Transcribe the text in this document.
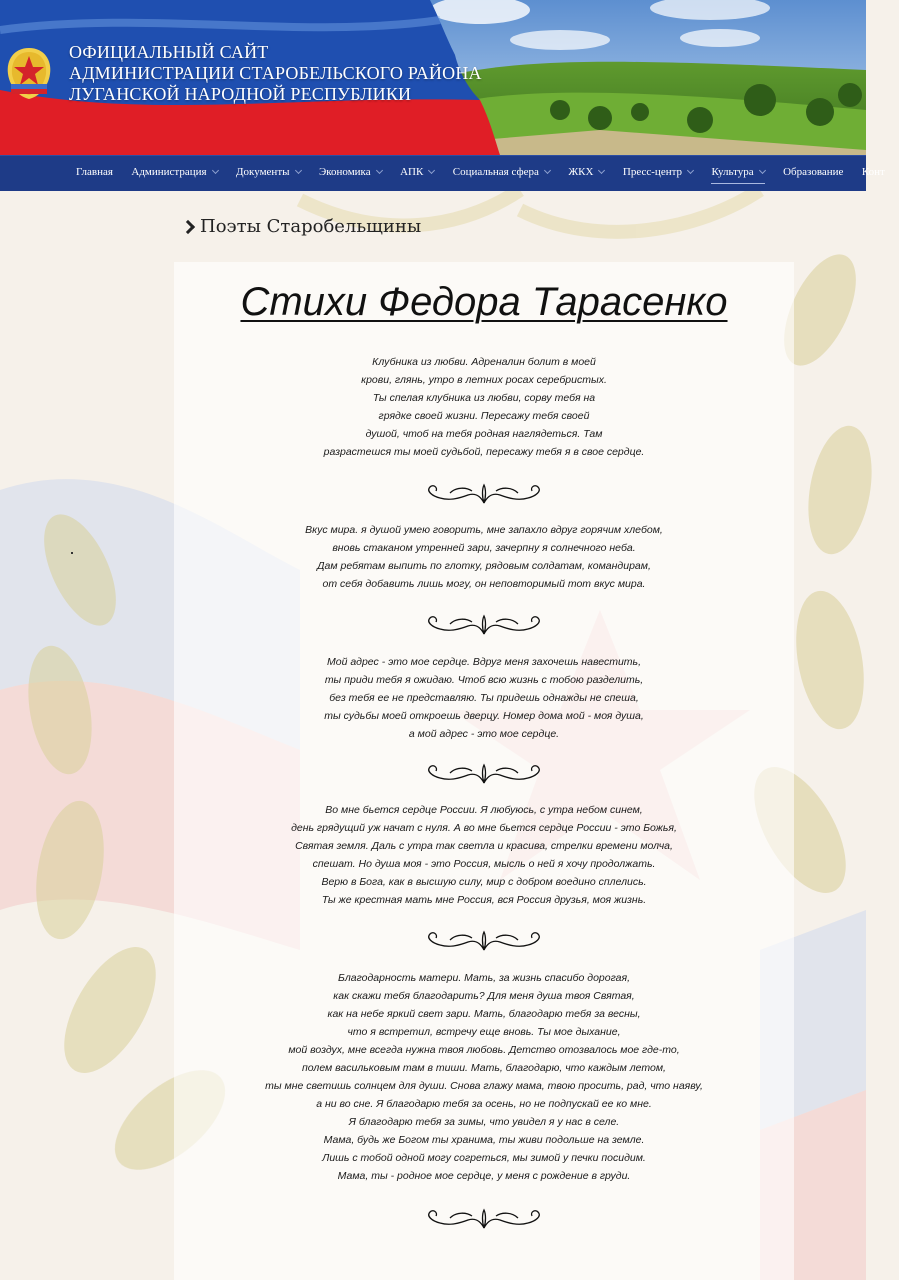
ОФИЦИАЛЬНЫЙ САЙТ
АДМИНИСТРАЦИИ СТАРОБЕЛЬСКОГО РАЙОНА
ЛУГАНСКОЙ НАРОДНОЙ РЕСПУБЛИКИ
Главная Администрация	Документы	Экономика	АПК	Социальная сфера	ЖКХ	Пресс-центр	Культура	Образование Конт
Поэты Старобельщины
Стихи Федора Тарасенко
Клубника из любви. Адреналин болит в моей
крови, глянь, утро в летних росах серебристых.
Ты спелая клубника из любви, сорву тебя на
грядке своей жизни. Пересажу тебя своей
душой, чтоб на тебя родная наглядеться. Там
разрастешся ты моей судьбой, пересажу тебя я в свое сердце.
Вкус мира. я душой умею говорить, мне запахло вдруг горячим хлебом,
вновь стаканом утренней зари, зачерпну я солнечного неба.
Дам ребятам выпить по глотку, рядовым солдатам, командирам,
от себя добавить лишь могу, он неповторимый тот вкус мира.
Мой адрес - это мое сердце. Вдруг меня захочешь навестить,
ты приди тебя я ожидаю. Чтоб всю жизнь с тобою разделить,
без тебя ее не представляю. Ты придешь однажды не спеша,
ты судьбы моей откроешь дверцу. Номер дома мой - моя душа,
а мой адрес - это мое сердце.
Во мне бьется сердце России. Я любуюсь, с утра небом синем,
день грядущий уж начат с нуля. А во мне бьется сердце России - это Божья,
Святая земля. Даль с утра так светла и красива, стрелки времени молча,
спешат. Но душа моя - это Россия, мысль о ней я хочу продолжать.
Верю в Бога, как в высшую силу, мир с добром воедино сплелись.
Ты же крестная мать мне Россия, вся Россия друзья, моя жизнь.
Благодарность матери. Мать, за жизнь спасибо дорогая,
как скажи тебя благодарить? Для меня душа твоя Святая,
как на небе яркий свет зари. Мать, благодарю тебя за весны,
что я встретил, встречу еще вновь. Ты мое дыхание,
мой воздух, мне всегда нужна твоя любовь. Детство отозвалось мое где-то,
полем васильковым там в тиши. Мать, благодарю, что каждым летом,
ты мне светишь солнцем для души. Снова глажу мама, твою просить, рад, что наяву,
а ни во сне. Я благодарю тебя за осень, но не подпускай ее ко мне.
Я благодарю тебя за зимы, что увидел я у нас в селе.
Мама, будь же Богом ты хранима, ты живи подольше на земле.
Лишь с тобой одной могу согреться, мы зимой у печки посидим.
Мама, ты - родное мое сердце, у меня с рождение в груди.
